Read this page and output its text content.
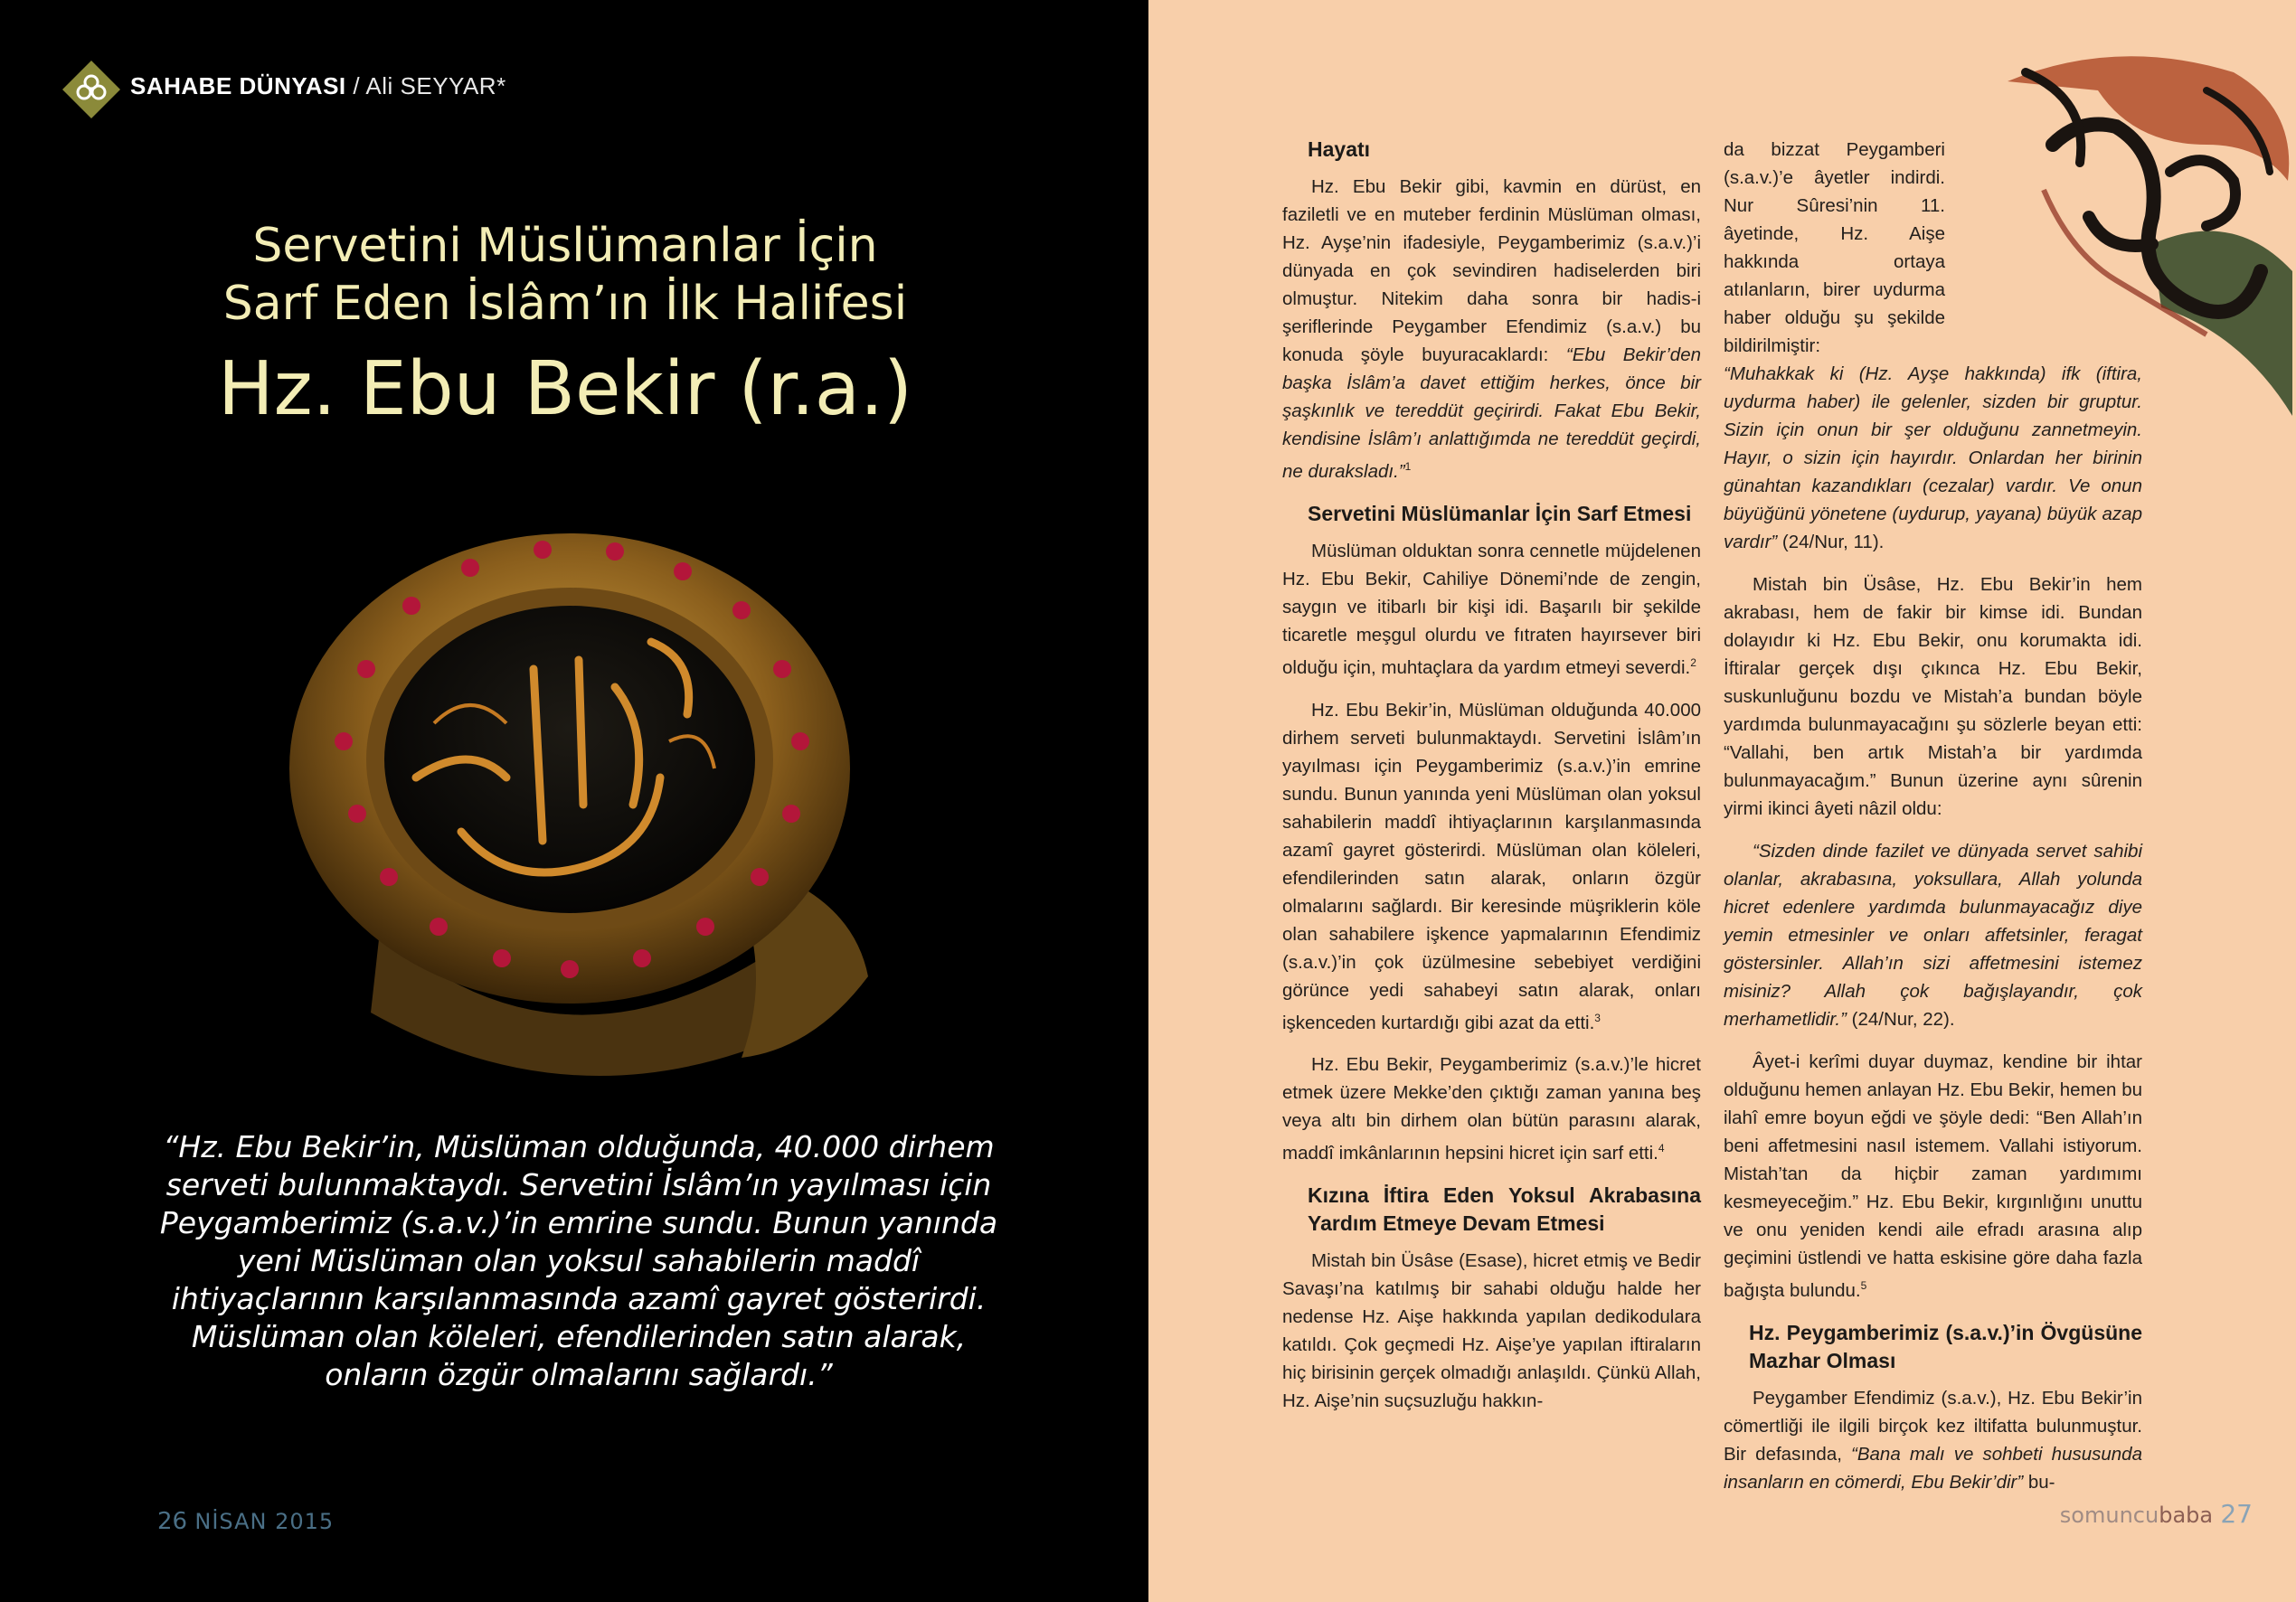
SAHABE DÜNYASI / Ali SEYYAR*
Servetini Müslümanlar İçin
Sarf Eden İslâm’ın İlk Halifesi
Hz. Ebu Bekir (r.a.)
“Hz. Ebu Bekir’in, Müslüman olduğunda, 40.000 dirhem serveti bulunmaktaydı. Servetini İslâm’ın yayılması için Peygamberimiz (s.a.v.)’in emrine sundu. Bunun yanında yeni Müslüman olan yoksul sahabilerin maddî ihtiyaçlarının karşılanmasında azamî gayret gösterirdi. Müslüman olan köleleri, efendilerinden satın alarak, onların özgür olmalarını sağlardı.”
26 NİSAN 2015
Hayatı

Hz. Ebu Bekir gibi, kavmin en dürüst, en faziletli ve en muteber ferdinin Müslüman olması, Hz. Ayşe’nin ifadesiyle, Peygamberimiz (s.a.v.)’i dünyada en çok sevindiren hadiselerden biri olmuştur. Nitekim daha sonra bir hadis-i şeriflerinde Peygamber Efendimiz (s.a.v.) bu konuda şöyle buyuracaklardı: “Ebu Bekir’den başka İslâm’a davet ettiğim herkes, önce bir şaşkınlık ve tereddüt geçirirdi. Fakat Ebu Bekir, kendisine İslâm’ı anlattığımda ne tereddüt geçirdi, ne duraksladı.”$^1$

Servetini Müslümanlar İçin Sarf Etmesi

Müslüman olduktan sonra cennetle müjdelenen Hz. Ebu Bekir, Cahiliye Dönemi’nde de zengin, saygın ve itibarlı bir kişi idi. Başarılı bir şekilde ticaretle meşgul olurdu ve fıtraten hayırsever biri olduğu için, muhtaçlara da yardım etmeyi severdi.$^2$

Hz. Ebu Bekir’in, Müslüman olduğunda 40.000 dirhem serveti bulunmaktaydı. Servetini İslâm’ın yayılması için Peygamberimiz (s.a.v.)’in emrine sundu. Bunun yanında yeni Müslüman olan yoksul sahabilerin maddî ihtiyaçlarının karşılanmasında azamî gayret gösterirdi. Müslüman olan köleleri, efendilerinden satın alarak, onların özgür olmalarını sağlardı. Bir keresinde müşriklerin köle olan sahabilere işkence yapmalarının Efendimiz (s.a.v.)’in çok üzülmesine sebebiyet verdiğini görünce yedi sahabeyi satın alarak, onları işkenceden kurtardığı gibi azat da etti.$^3$

Hz. Ebu Bekir, Peygamberimiz (s.a.v.)’le hicret etmek üzere Mekke’den çıktığı zaman yanına beş veya altı bin dirhem olan bütün parasını alarak, maddî imkânlarının hepsini hicret için sarf etti.$^4$

Kızına İftira Eden Yoksul Akrabasına Yardım Etmeye Devam Etmesi

Mistah bin Üsâse (Esase), hicret etmiş ve Bedir Savaşı’na katılmış bir sahabi olduğu halde her nedense Hz. Aişe hakkında yapılan dedikodulara katıldı. Çok geçmedi Hz. Aişe’ye yapılan iftiraların hiç birisinin gerçek olmadığı anlaşıldı. Çünkü Allah, Hz. Aişe’nin suçsuzluğu hakkın-

da bizzat Peygamberi (s.a.v.)’e âyetler indirdi. Nur Sûresi’nin 11. âyetinde, Hz. Aişe hakkında ortaya atılanların, birer uydurma haber olduğu şu şekilde bildirilmiştir:

“Muhakkak ki (Hz. Ayşe hakkında) ifk (iftira, uydurma haber) ile gelenler, sizden bir gruptur. Sizin için onun bir şer olduğunu zannetmeyin. Hayır, o sizin için hayırdır. Onlardan her birinin günahtan kazandıkları (cezalar) vardır. Ve onun büyüğünü yönetene (uydurup, yayana) büyük azap vardır” (24/Nur, 11).

Mistah bin Üsâse, Hz. Ebu Bekir’in hem akrabası, hem de fakir bir kimse idi. Bundan dolayıdır ki Hz. Ebu Bekir, onu korumakta idi. İftiralar gerçek dışı çıkınca Hz. Ebu Bekir, suskunluğunu bozdu ve Mistah’a bundan böyle yardımda bulunmayacağını şu sözlerle beyan etti: “Vallahi, ben artık Mistah’a bir yardımda bulunmayacağım.” Bunun üzerine aynı sûrenin yirmi ikinci âyeti nâzil oldu:

“Sizden dinde fazilet ve dünyada servet sahibi olanlar, akrabasına, yoksullara, Allah yolunda hicret edenlere yardımda bulunmayacağız diye yemin etmesinler ve onları affetsinler, feragat göstersinler. Allah’ın sizi affetmesini istemez misiniz? Allah çok bağışlayandır, çok merhametlidir.” (24/Nur, 22).

Âyet-i kerîmi duyar duymaz, kendine bir ihtar olduğunu hemen anlayan Hz. Ebu Bekir, hemen bu ilahî emre boyun eğdi ve şöyle dedi: “Ben Allah’ın beni affetmesini nasıl istemem. Vallahi istiyorum. Mistah’tan da hiçbir zaman yardımımı kesmeyeceğim.” Hz. Ebu Bekir, kırgınlığını unuttu ve onu yeniden kendi aile efradı arasına alıp geçimini üstlendi ve hatta eskisine göre daha fazla bağışta bulundu.$^5$

Hz. Peygamberimiz (s.a.v.)’in Övgüsüne Mazhar Olması

Peygamber Efendimiz (s.a.v.), Hz. Ebu Bekir’in cömertliği ile ilgili birçok kez iltifatta bulunmuştur. Bir defasında, “Bana malı ve sohbeti hususunda insanların en cömerdi, Ebu Bekir’dir” bu-

somuncubaba 27
